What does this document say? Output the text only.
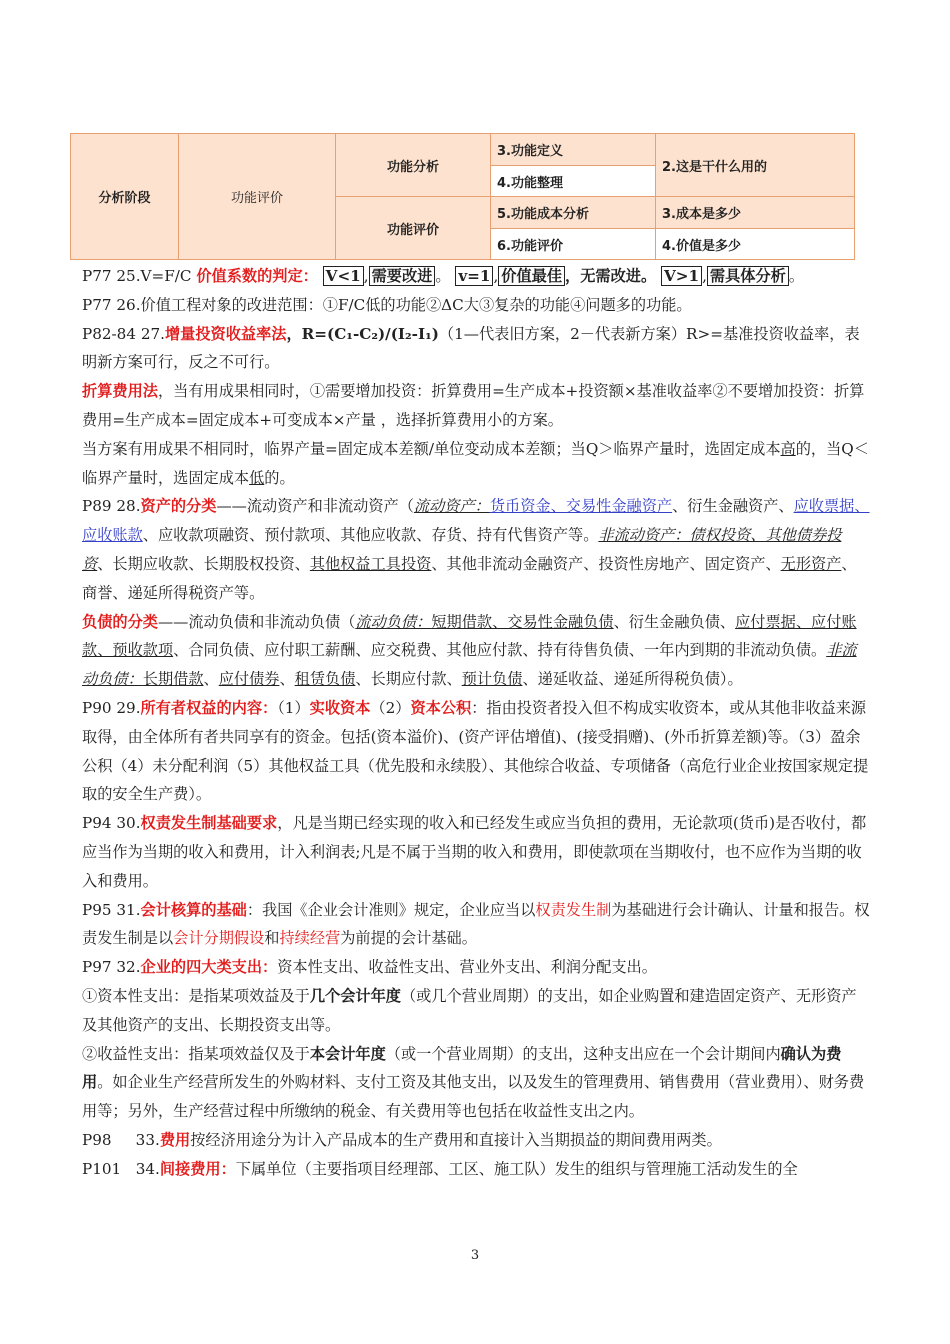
分析阶段	功能评价	功能分析	3.功能定义	2.这是干什么用的
			4.功能整理	
		功能评价	5.功能成本分析	3.成本是多少
			6.功能评价	4.价值是多少

P77 25.V=F/C 价值系数的判定： V<1 , 需要改进 。 v=1 , 价值最佳 ，无需改进。 V>1 , 需具体分析 。

P77 26.价值工程对象的改进范围：①F/C低的功能②ΔC大③复杂的功能④问题多的功能。

P82-84 27.增量投资收益率法，R=(C₁-C₂)/(I₂-I₁)（1—代表旧方案，2－代表新方案）R>=基准投资收益率，表明新方案可行，反之不可行。

折算费用法，当有用成果相同时，①需要增加投资：折算费用=生产成本+投资额×基准收益率②不要增加投资：折算费用=生产成本=固定成本+可变成本×产量 ，选择折算费用小的方案。

当方案有用成果不相同时，临界产量=固定成本差额/单位变动成本差额；当Q＞临界产量时，选固定成本高的，当Q＜临界产量时，选固定成本低的。

P89 28.资产的分类——流动资产和非流动资产（流动资产：货币资金、交易性金融资产、衍生金融资产、应收票据、应收账款、应收款项融资、预付款项、其他应收款、存货、持有代售资产等。非流动资产：债权投资、其他债券投资、长期应收款、长期股权投资、其他权益工具投资、其他非流动金融资产、投资性房地产、固定资产、无形资产、商誉、递延所得税资产等。

负债的分类——流动负债和非流动负债（流动负债：短期借款、交易性金融负债、衍生金融负债、应付票据、应付账款、预收款项、合同负债、应付职工薪酬、应交税费、其他应付款、持有待售负债、一年内到期的非流动负债。非流动负债：长期借款、应付债券、租赁负债、长期应付款、预计负债、递延收益、递延所得税负债）。

P90 29.所有者权益的内容：（1）实收资本（2）资本公积：指由投资者投入但不构成实收资本，或从其他非收益来源取得，由全体所有者共同享有的资金。包括(资本溢价)、(资产评估增值)、(接受捐赠)、(外币折算差额)等。（3）盈余公积（4）未分配利润（5）其他权益工具（优先股和永续股）、其他综合收益、专项储备（高危行业企业按国家规定提取的安全生产费）。

P94 30.权责发生制基础要求，凡是当期已经实现的收入和已经发生或应当负担的费用，无论款项(货币)是否收付，都应当作为当期的收入和费用，计入利润表;凡是不属于当期的收入和费用，即使款项在当期收付，也不应作为当期的收入和费用。

P95 31.会计核算的基础：我国《企业会计准则》规定，企业应当以权责发生制为基础进行会计确认、计量和报告。权责发生制是以会计分期假设和持续经营为前提的会计基础。

P97 32.企业的四大类支出：资本性支出、收益性支出、营业外支出、利润分配支出。

①资本性支出：是指某项效益及于几个会计年度（或几个营业周期）的支出，如企业购置和建造固定资产、无形资产及其他资产的支出、长期投资支出等。

②收益性支出：指某项效益仅及于本会计年度（或一个营业周期）的支出，这种支出应在一个会计期间内确认为费用。如企业生产经营所发生的外购材料、支付工资及其他支出，以及发生的管理费用、销售费用（营业费用）、财务费用等；另外，生产经营过程中所缴纳的税金、有关费用等也包括在收益性支出之内。

P98     33.费用按经济用途分为计入产品成本的生产费用和直接计入当期损益的期间费用两类。

P101   34.间接费用：下属单位（主要指项目经理部、工区、施工队）发生的组织与管理施工活动发生的全

3
